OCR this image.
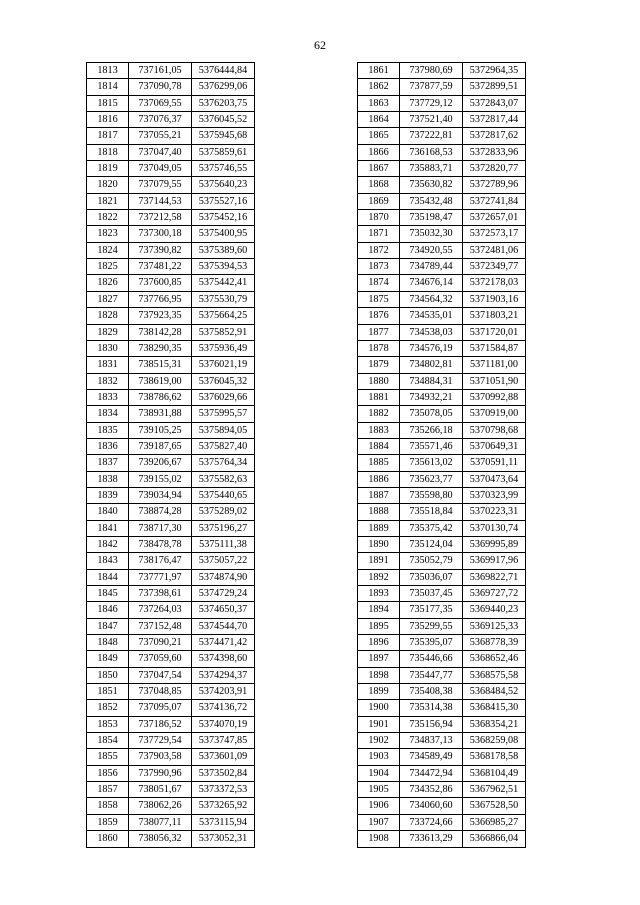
62
1813	737161,05	5376444,84
1814	737090,78	5376299,06
1815	737069,55	5376203,75
1816	737076,37	5376045,52
1817	737055,21	5375945,68
1818	737047,40	5375859,61
1819	737049,05	5375746,55
1820	737079,55	5375640,23
1821	737144,53	5375527,16
1822	737212,58	5375452,16
1823	737300,18	5375400,95
1824	737390,82	5375389,60
1825	737481,22	5375394,53
1826	737600,85	5375442,41
1827	737766,95	5375530,79
1828	737923,35	5375664,25
1829	738142,28	5375852,91
1830	738290,35	5375936,49
1831	738515,31	5376021,19
1832	738619,00	5376045,32
1833	738786,62	5376029,66
1834	738931,88	5375995,57
1835	739105,25	5375894,05
1836	739187,65	5375827,40
1837	739206,67	5375764,34
1838	739155,02	5375582,63
1839	739034,94	5375440,65
1840	738874,28	5375289,02
1841	738717,30	5375196,27
1842	738478,78	5375111,38
1843	738176,47	5375057,22
1844	737771,97	5374874,90
1845	737398,61	5374729,24
1846	737264,03	5374650,37
1847	737152,48	5374544,70
1848	737090,21	5374471,42
1849	737059,60	5374398,60
1850	737047,54	5374294,37
1851	737048,85	5374203,91
1852	737095,07	5374136,72
1853	737186,52	5374070,19
1854	737729,54	5373747,85
1855	737903,58	5373601,09
1856	737990,96	5373502,84
1857	738051,67	5373372,53
1858	738062,26	5373265,92
1859	738077,11	5373115,94
1860	738056,32	5373052,31
1861	737980,69	5372964,35
1862	737877,59	5372899,51
1863	737729,12	5372843,07
1864	737521,40	5372817,44
1865	737222,81	5372817,62
1866	736168,53	5372833,96
1867	735883,71	5372820,77
1868	735630,82	5372789,96
1869	735432,48	5372741,84
1870	735198,47	5372657,01
1871	735032,30	5372573,17
1872	734920,55	5372481,06
1873	734789,44	5372349,77
1874	734676,14	5372178,03
1875	734564,32	5371903,16
1876	734535,01	5371803,21
1877	734538,03	5371720,01
1878	734576,19	5371584,87
1879	734802,81	5371181,00
1880	734884,31	5371051,90
1881	734932,21	5370992,88
1882	735078,05	5370919,00
1883	735266,18	5370798,68
1884	735571,46	5370649,31
1885	735613,02	5370591,11
1886	735623,77	5370473,64
1887	735598,80	5370323,99
1888	735518,84	5370223,31
1889	735375,42	5370130,74
1890	735124,04	5369995,89
1891	735052,79	5369917,96
1892	735036,07	5369822,71
1893	735037,45	5369727,72
1894	735177,35	5369440,23
1895	735299,55	5369125,33
1896	735395,07	5368778,39
1897	735446,66	5368652,46
1898	735447,77	5368575,58
1899	735408,38	5368484,52
1900	735314,38	5368415,30
1901	735156,94	5368354,21
1902	734837,13	5368259,08
1903	734589,49	5368178,58
1904	734472,94	5368104,49
1905	734352,86	5367962,51
1906	734060,60	5367528,50
1907	733724,66	5366985,27
1908	733613,29	5366866,04
